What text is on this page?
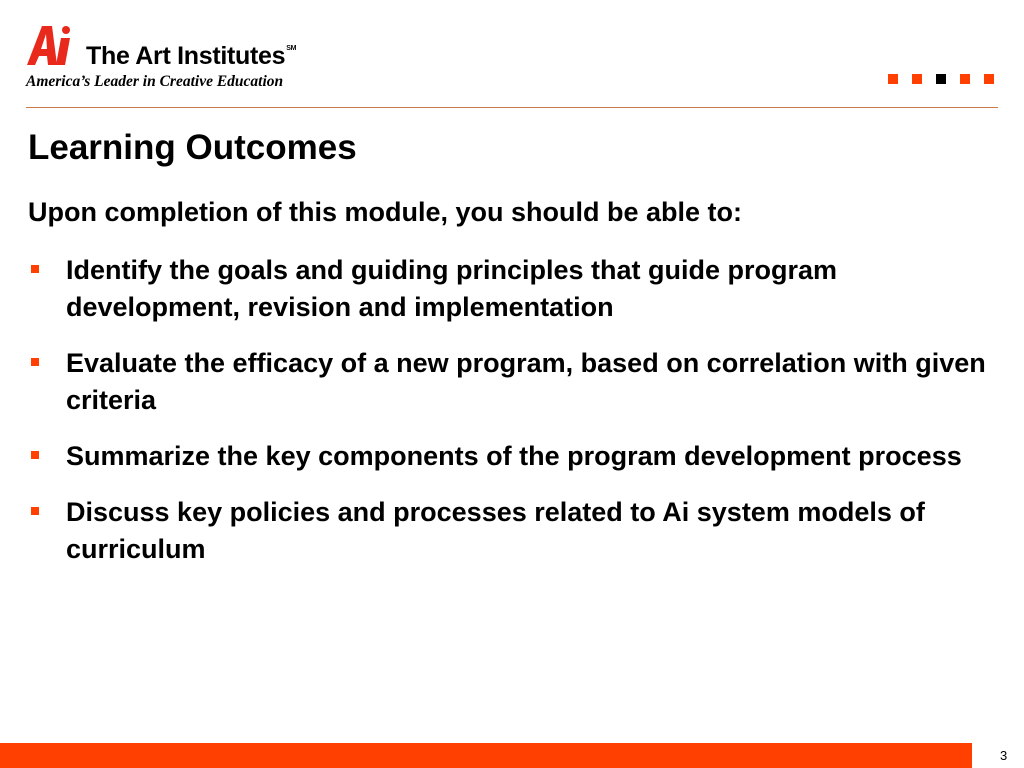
The Art Institutes℠
America’s Leader in Creative Education
Learning Outcomes
Upon completion of this module, you should be able to:
Identify the goals and guiding principles that guide program development, revision and implementation
Evaluate the efficacy of a new program, based on correlation with given criteria
Summarize the key components of the program development process
Discuss key policies and processes related to Ai system models of curriculum
3
